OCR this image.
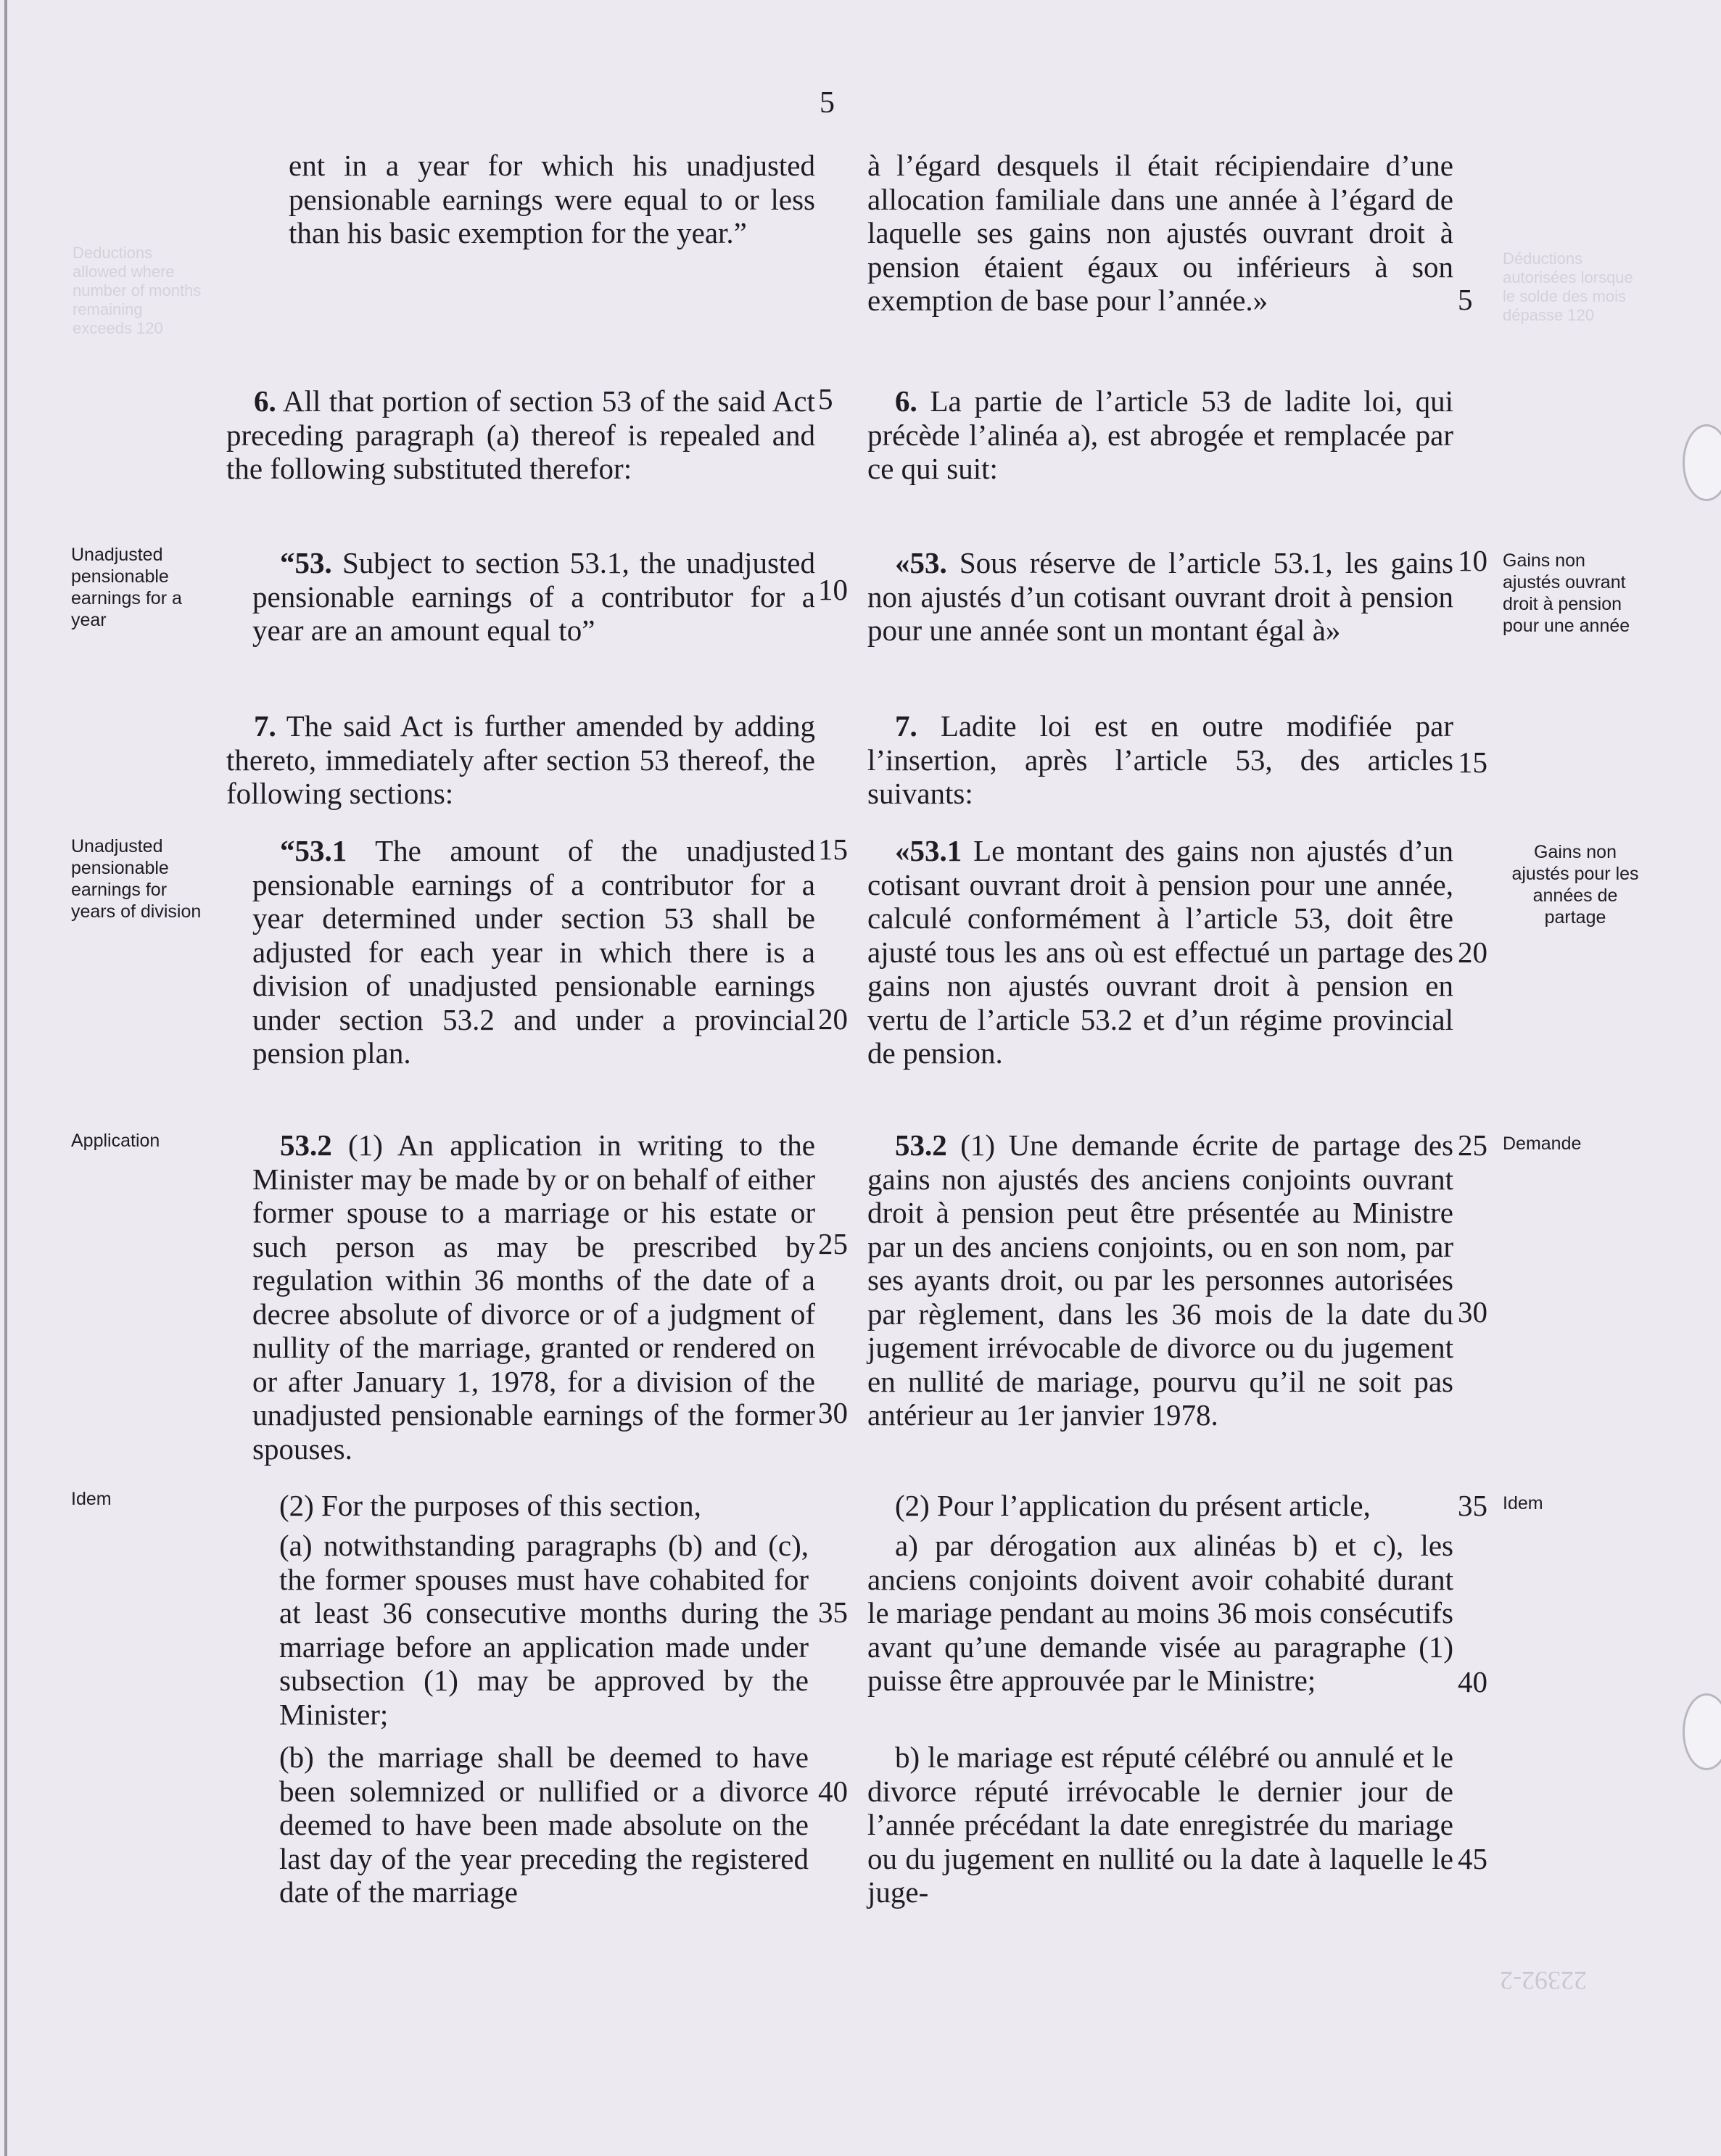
Deductions allowed where number of months remaining exceeds 120
Déductions autorisées lorsque le solde des mois dépasse 120
22392-2
5
ent in a year for which his unadjusted pensionable earnings were equal to or less than his basic exemption for the year.”
6. All that portion of section 53 of the said Act preceding paragraph (a) thereof is repealed and the following substituted therefor:
“53. Subject to section 53.1, the unadjusted pensionable earnings of a contributor for a year are an amount equal to”
7. The said Act is further amended by adding thereto, immediately after section 53 thereof, the following sections:
“53.1 The amount of the unadjusted pensionable earnings of a contributor for a year determined under section 53 shall be adjusted for each year in which there is a division of unadjusted pensionable earnings under section 53.2 and under a provincial pension plan.
53.2 (1) An application in writing to the Minister may be made by or on behalf of either former spouse to a marriage or his estate or such person as may be prescribed by regulation within 36 months of the date of a decree absolute of divorce or of a judgment of nullity of the marriage, granted or rendered on or after January 1, 1978, for a division of the unadjusted pensionable earnings of the former spouses.
(2) For the purposes of this section,
(a) notwithstanding paragraphs (b) and (c), the former spouses must have cohabited for at least 36 consecutive months during the marriage before an application made under subsection (1) may be approved by the Minister;
(b) the marriage shall be deemed to have been solemnized or nullified or a divorce deemed to have been made absolute on the last day of the year preceding the registered date of the marriage
à l’égard desquels il était récipiendaire d’une allocation familiale dans une année à l’égard de laquelle ses gains non ajustés ouvrant droit à pension étaient égaux ou inférieurs à son exemption de base pour l’année.»
6. La partie de l’article 53 de ladite loi, qui précède l’alinéa a), est abrogée et remplacée par ce qui suit:
«53. Sous réserve de l’article 53.1, les gains non ajustés d’un cotisant ouvrant droit à pension pour une année sont un montant égal à»
7. Ladite loi est en outre modifiée par l’insertion, après l’article 53, des articles suivants:
«53.1 Le montant des gains non ajustés d’un cotisant ouvrant droit à pension pour une année, calculé conformément à l’article 53, doit être ajusté tous les ans où est effectué un partage des gains non ajustés ouvrant droit à pension en vertu de l’article 53.2 et d’un régime provincial de pension.
53.2 (1) Une demande écrite de partage des gains non ajustés des anciens conjoints ouvrant droit à pension peut être présentée au Ministre par un des anciens conjoints, ou en son nom, par ses ayants droit, ou par les personnes autorisées par règlement, dans les 36 mois de la date du jugement irrévocable de divorce ou du jugement en nullité de mariage, pourvu qu’il ne soit pas antérieur au 1er janvier 1978.
(2) Pour l’application du présent article,
a) par dérogation aux alinéas b) et c), les anciens conjoints doivent avoir cohabité durant le mariage pendant au moins 36 mois consécutifs avant qu’une demande visée au paragraphe (1) puisse être approuvée par le Ministre;
b) le mariage est réputé célébré ou annulé et le divorce réputé irrévocable le dernier jour de l’année précédant la date enregistrée du mariage ou du jugement en nullité ou la date à laquelle le juge-
5
10
15
20
25
30
35
40
5
10
15
20
25
30
35
40
45
Unadjusted pensionable earnings for a year
Unadjusted pensionable earnings for years of division
Application
Idem
Gains non ajustés ouvrant droit à pension pour une année
Gains non ajustés pour les années de partage
Demande
Idem
